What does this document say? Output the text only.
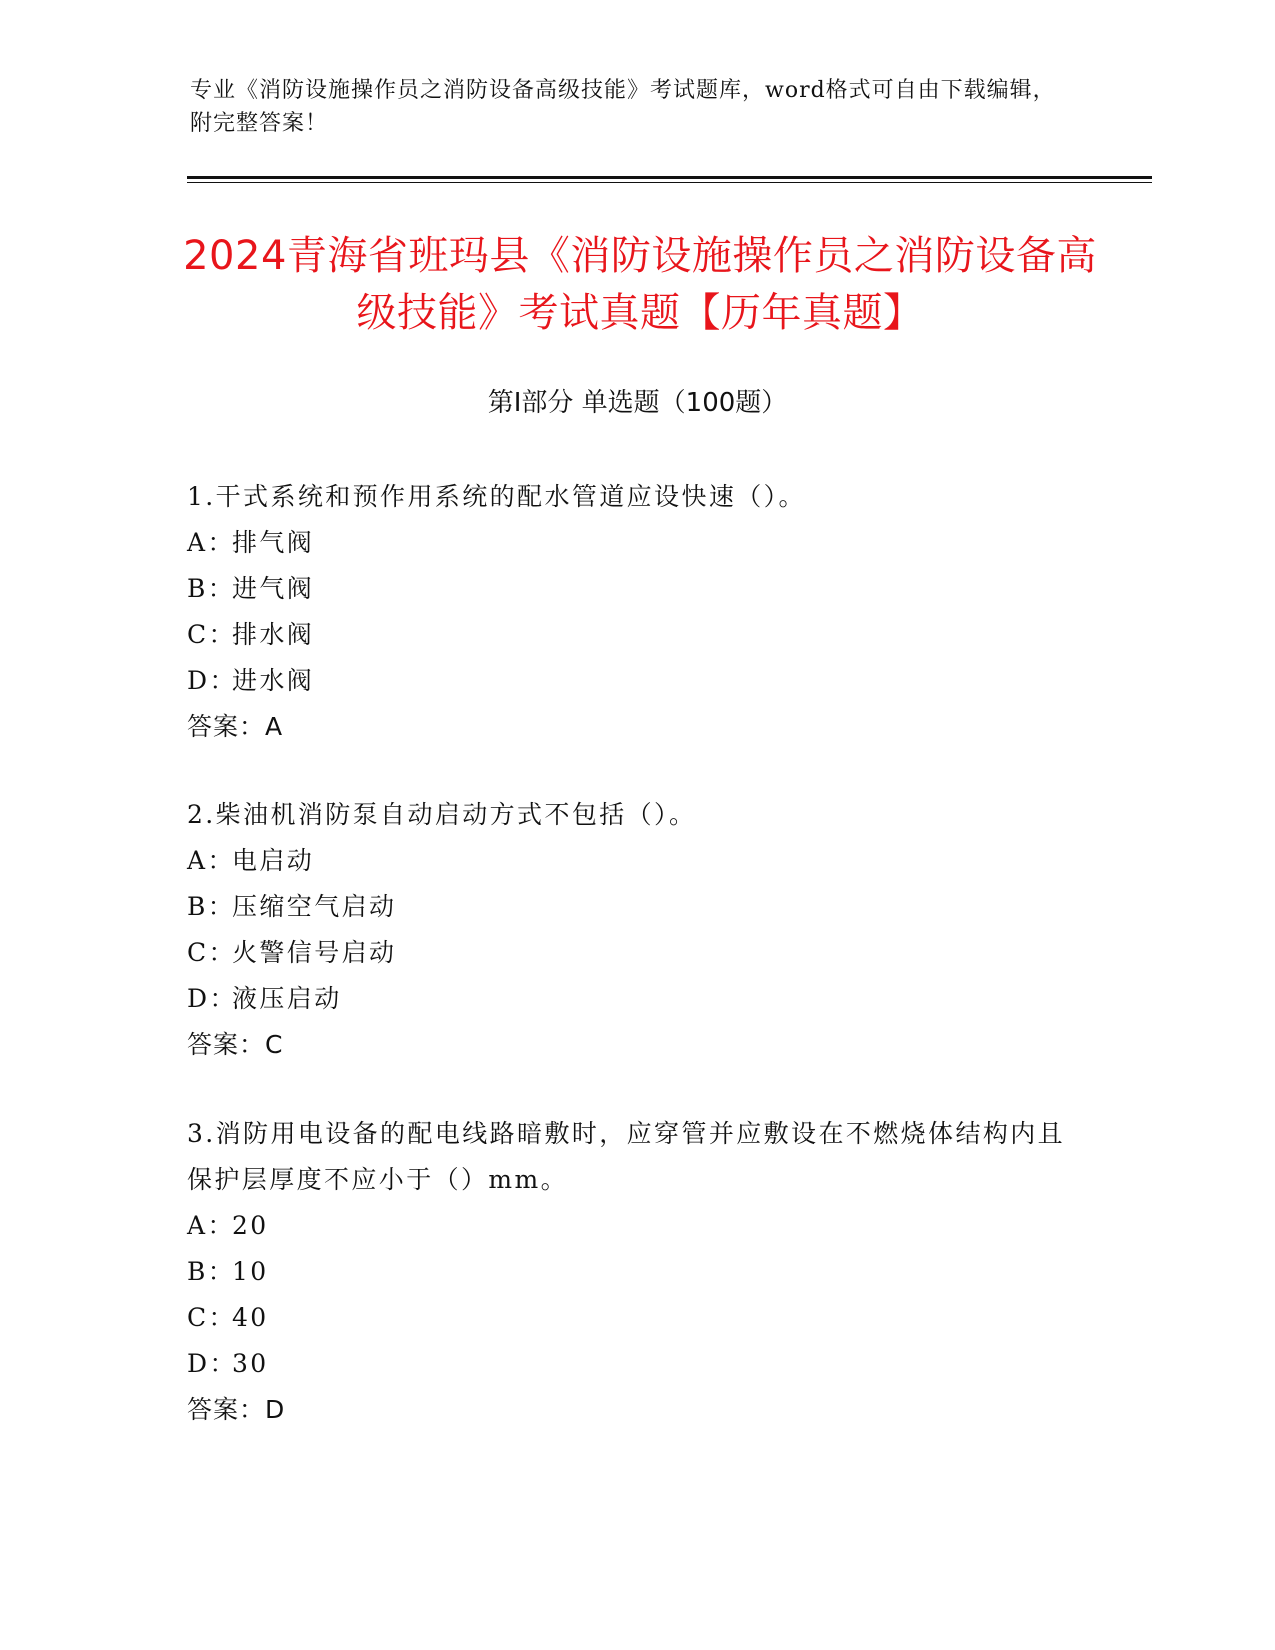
专业《消防设施操作员之消防设备高级技能》考试题库，word格式可自由下载编辑，附完整答案！
2024青海省班玛县《消防设施操作员之消防设备高级技能》考试真题【历年真题】
第Ⅰ部分 单选题（100题）

1.干式系统和预作用系统的配水管道应设快速（）。

A：排气阀

B：进气阀

C：排水阀

D：进水阀

答案：A

2.柴油机消防泵自动启动方式不包括（）。

A：电启动

B：压缩空气启动

C：火警信号启动

D：液压启动

答案：C

3.消防用电设备的配电线路暗敷时，应穿管并应敷设在不燃烧体结构内且保护层厚度不应小于（）mm。

A：20

B：10

C：40

D：30

答案：D
